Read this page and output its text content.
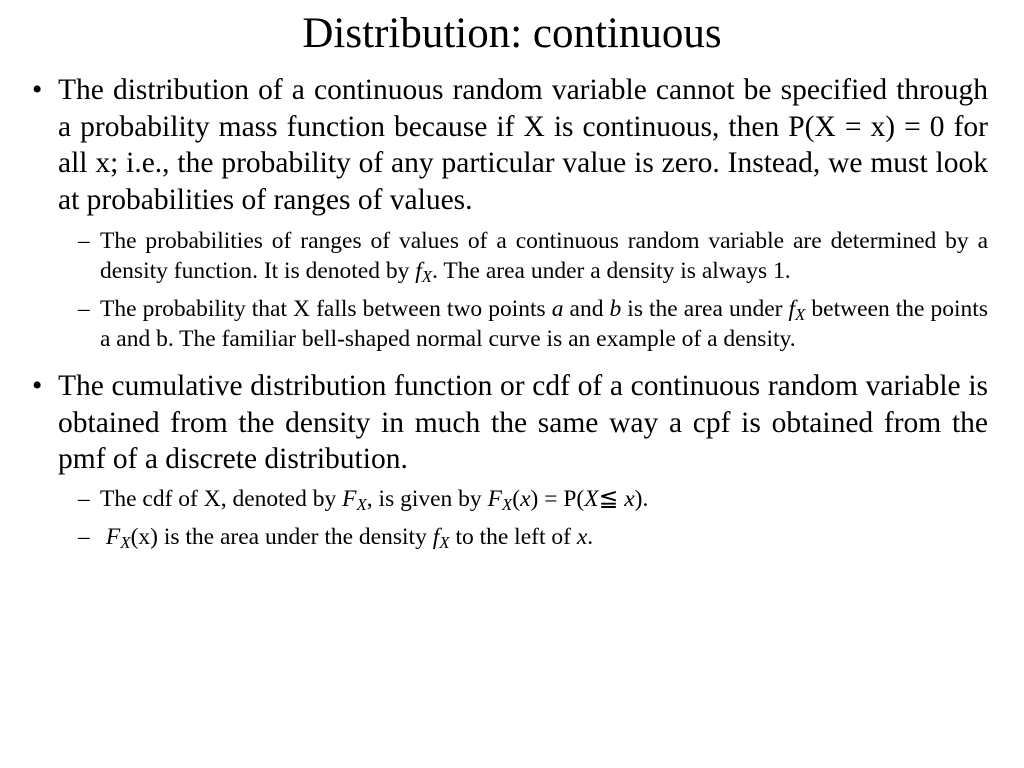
Distribution: continuous

• The distribution of a continuous random variable cannot be specified through a probability mass function because if X is continuous, then P(X = x) = 0 for all x; i.e., the probability of any particular value is zero. Instead, we must look at probabilities of ranges of values.

– The probabilities of ranges of values of a continuous random variable are determined by a density function. It is denoted by $f_X$. The area under a density is always 1.
– The probability that X falls between two points a and b is the area under $f_X$ between the points a and b. The familiar bell-shaped normal curve is an example of a density.

• The cumulative distribution function or cdf of a continuous random variable is obtained from the density in much the same way a cpf is obtained from the pmf of a discrete distribution.

– The cdf of X, denoted by $F_X$, is given by $F_X(x)$ = P(X≦ x).
– $F_X(x)$ is the area under the density $f_X$ to the left of x.
